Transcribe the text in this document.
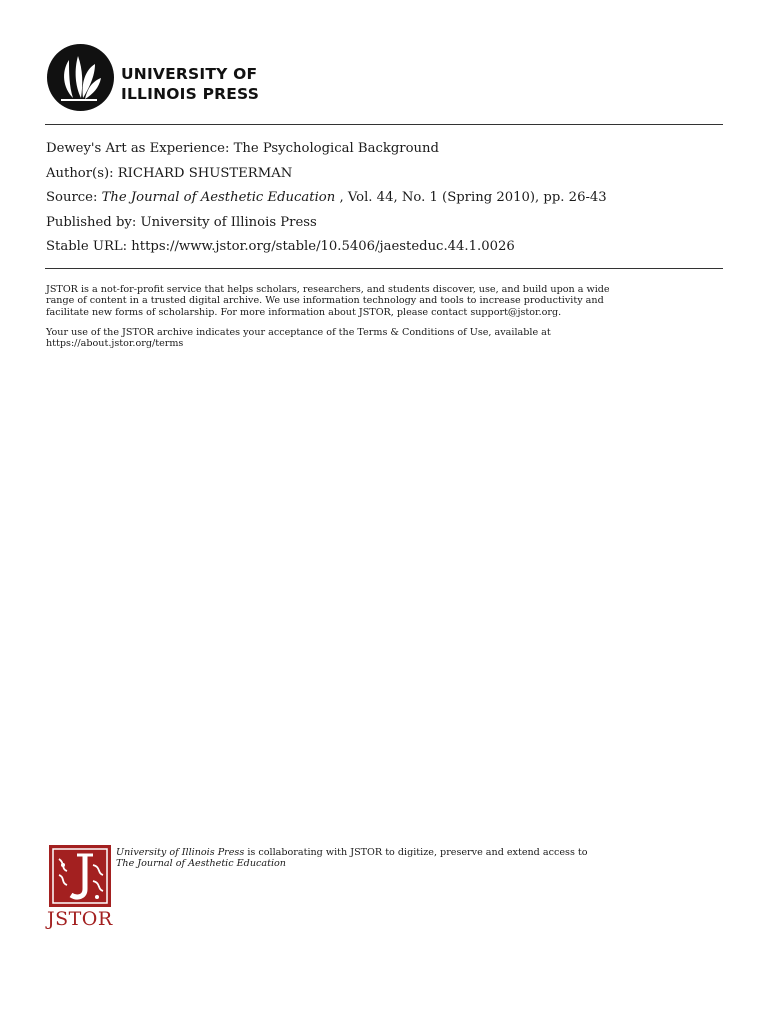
UNIVERSITY OF
ILLINOIS PRESS
Dewey's Art as Experience: The Psychological Background
Author(s): RICHARD SHUSTERMAN
Source: The Journal of Aesthetic Education , Vol. 44, No. 1 (Spring 2010), pp. 26-43
Published by: University of Illinois Press
Stable URL: https://www.jstor.org/stable/10.5406/jaesteduc.44.1.0026

JSTOR is a not-for-profit service that helps scholars, researchers, and students discover, use, and build upon a wide
range of content in a trusted digital archive. We use information technology and tools to increase productivity and
facilitate new forms of scholarship. For more information about JSTOR, please contact support@jstor.org.

Your use of the JSTOR archive indicates your acceptance of the Terms & Conditions of Use, available at
https://about.jstor.org/terms

JSTOR
University of Illinois Press is collaborating with JSTOR to digitize, preserve and extend access to
The Journal of Aesthetic Education
